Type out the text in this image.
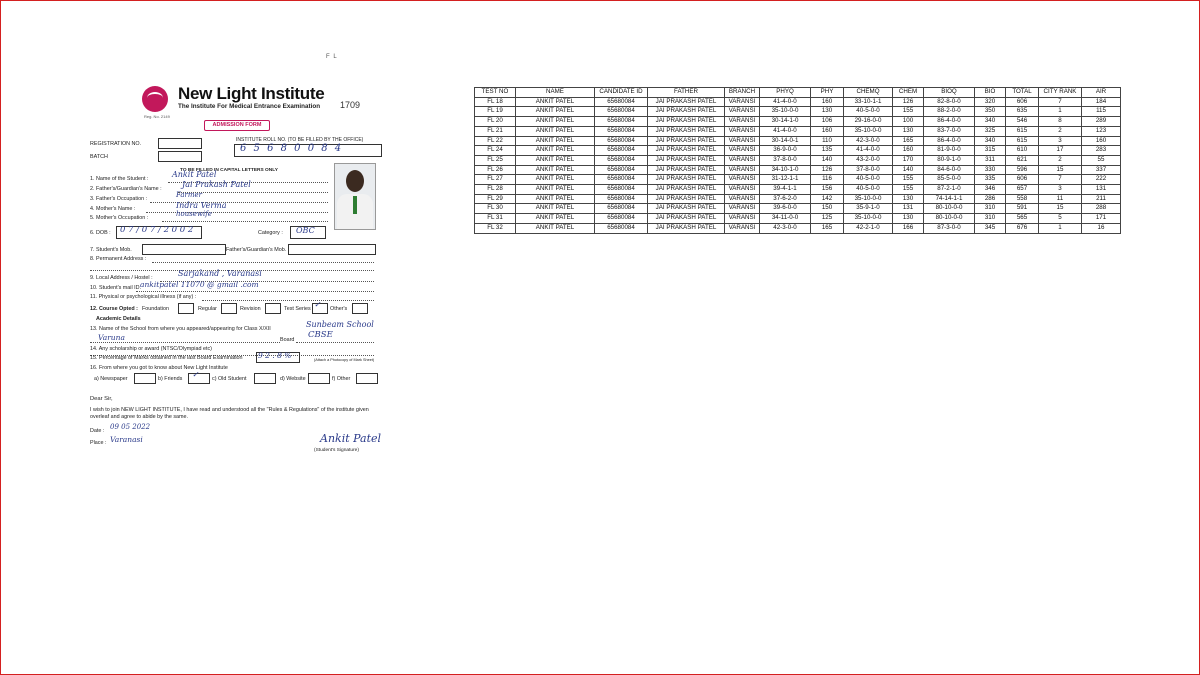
F L
Reg. No. 2149
New Light Institute
The Institute For Medical Entrance Examination 1709
ADMISSION FORM
REGISTRATION NO.
BATCH
INSTITUTE ROLL NO. (TO BE FILLED BY THE OFFICE)
6 5 6 8 0 0 8 4
TO BE FILLED IN CAPITAL LETTERS ONLY
1. Name of the Student :	Ankit Patel
2. Father's/Guardian's Name :	Jai Prakash Patel
3. Father's Occupation :	Farmer
4. Mother's Name :	Indra Verma
5. Mother's Occupation :	housewife
6. DOB : 0 7 / 0 7 / 2 0 0 2	Category : OBC
7. Student's Mob.	Father's/Guardian's Mob.
8. Permanent Address :
9. Local Address / Hostel :	Sarjakand , Varanasi
10. Student's mail ID.
ankitpatel 11070 @ gmail .com
11. Physical or psychological illness (if any) :
12. Course Opted : Foundation	Regular	Revision	Test Series ✓ Other's
Academic Details
13. Name of the School from where you appeared/appearing for Class X/XII	Sunbeam School
Varuna	Board CBSE
14. Any scholarship or award (NTSC/Olympiad etc)
15. Percentage of Marks obtained in the last Board Examination 9 2 . 8 %	(Attach a Photocopy of Mark Sheet)
16. From where you got to know about New Light Institute
a) Newspaper	b) Friends ✓ c) Old Student	d) Website	f) Other
Dear Sir,
I wish to join NEW LIGHT INSTITUTE, I have read and understood all the "Rules & Regulations" of the institute given overleaf and agree to abide by the same.
Date : 09 05 2022
Place : Varanasi	Ankit Patel
(Student's Signature)
TEST NO	NAME	CANDIDATE ID	FATHER	BRANCH	PHYQ	PHY	CHEMQ	CHEM	BIOQ	BIO	TOTAL	CITY RANK	AIR
FL 18	ANKIT PATEL	65680084	JAI PRAKASH PATEL	VARANSI	41-4-0-0	160	33-10-1-1	126	82-8-0-0	320	606	7	184
FL 19	ANKIT PATEL	65680084	JAI PRAKASH PATEL	VARANSI	35-10-0-0	130	40-5-0-0	155	88-2-0-0	350	635	1	115
FL 20	ANKIT PATEL	65680084	JAI PRAKASH PATEL	VARANSI	30-14-1-0	106	29-16-0-0	100	86-4-0-0	340	546	8	289
FL 21	ANKIT PATEL	65680084	JAI PRAKASH PATEL	VARANSI	41-4-0-0	160	35-10-0-0	130	83-7-0-0	325	615	2	123
FL 22	ANKIT PATEL	65680084	JAI PRAKASH PATEL	VARANSI	30-14-0-1	110	42-3-0-0	165	86-4-0-0	340	615	3	160
FL 24	ANKIT PATEL	65680084	JAI PRAKASH PATEL	VARANSI	36-9-0-0	135	41-4-0-0	160	81-9-0-0	315	610	17	283
FL 25	ANKIT PATEL	65680084	JAI PRAKASH PATEL	VARANSI	37-8-0-0	140	43-2-0-0	170	80-9-1-0	311	621	2	55
FL 26	ANKIT PATEL	65680084	JAI PRAKASH PATEL	VARANSI	34-10-1-0	126	37-8-0-0	140	84-6-0-0	330	596	15	337
FL 27	ANKIT PATEL	65680084	JAI PRAKASH PATEL	VARANSI	31-12-1-1	116	40-5-0-0	155	85-5-0-0	335	606	7	222
FL 28	ANKIT PATEL	65680084	JAI PRAKASH PATEL	VARANSI	39-4-1-1	156	40-5-0-0	155	87-2-1-0	346	657	3	131
FL 29	ANKIT PATEL	65680084	JAI PRAKASH PATEL	VARANSI	37-6-2-0	142	35-10-0-0	130	74-14-1-1	286	558	11	211
FL 30	ANKIT PATEL	65680084	JAI PRAKASH PATEL	VARANSI	39-6-0-0	150	35-9-1-0	131	80-10-0-0	310	591	15	288
FL 31	ANKIT PATEL	65680084	JAI PRAKASH PATEL	VARANSI	34-11-0-0	125	35-10-0-0	130	80-10-0-0	310	565	5	171
FL 32	ANKIT PATEL	65680084	JAI PRAKASH PATEL	VARANSI	42-3-0-0	165	42-2-1-0	166	87-3-0-0	345	676	1	16
